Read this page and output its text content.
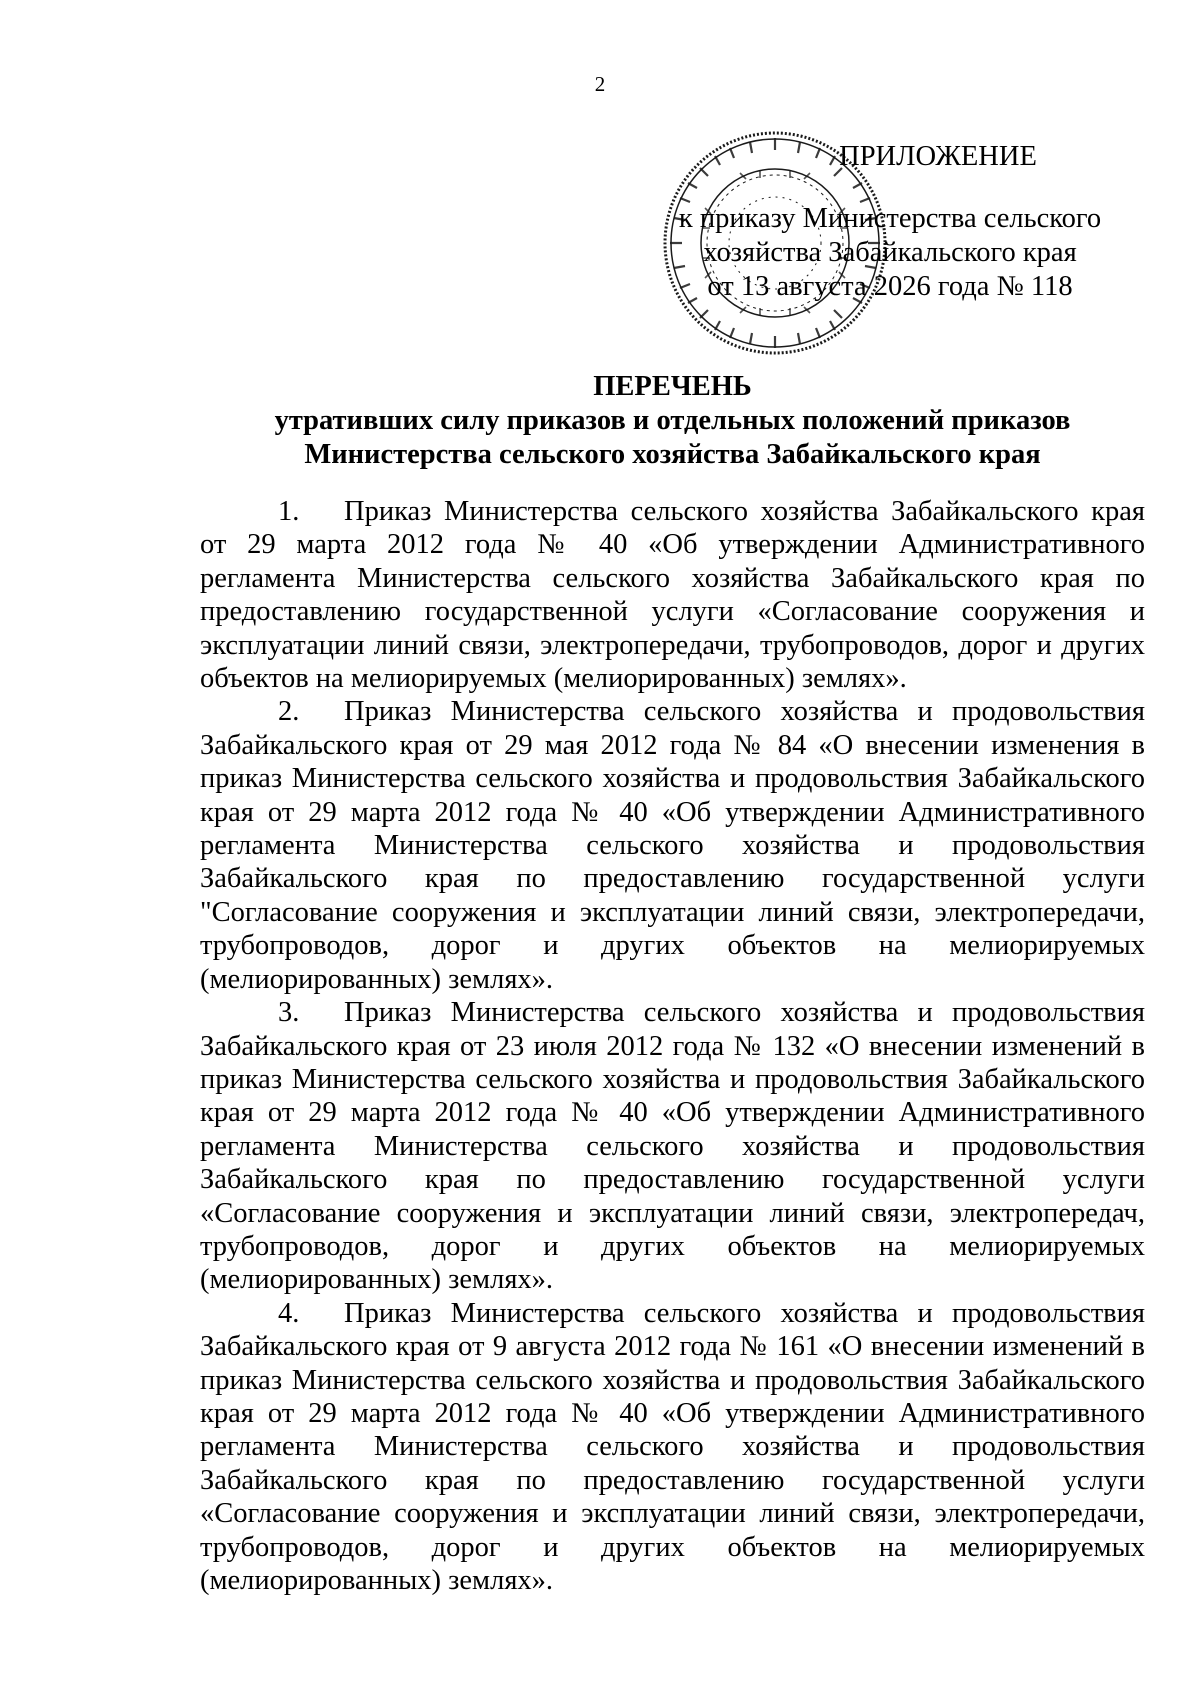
2
ПРИЛОЖЕНИЕ
к приказу Министерства сельского
хозяйства Забайкальского края
от 13 августа 2026 года № 118
ПЕРЕЧЕНЬ
утративших силу приказов и отдельных положений приказов
Министерства сельского хозяйства Забайкальского края

1. Приказ Министерства сельского хозяйства Забайкальского края от 29 марта 2012 года № 40 «Об утверждении Административного регламента Министерства сельского хозяйства Забайкальского края по предоставлению государственной услуги «Согласование сооружения и эксплуатации линий связи, электропередачи, трубопроводов, дорог и других объектов на мелиорируемых (мелиорированных) землях».

2. Приказ Министерства сельского хозяйства и продовольствия Забайкальского края от 29 мая 2012 года № 84 «О внесении изменения в приказ Министерства сельского хозяйства и продовольствия Забайкальского края от 29 марта 2012 года № 40 «Об утверждении Административного регламента Министерства сельского хозяйства и продовольствия Забайкальского края по предоставлению государственной услуги "Согласование сооружения и эксплуатации линий связи, электропередачи, трубопроводов, дорог и других объектов на мелиорируемых (мелиорированных) землях».

3. Приказ Министерства сельского хозяйства и продовольствия Забайкальского края от 23 июля 2012 года № 132 «О внесении изменений в приказ Министерства сельского хозяйства и продовольствия Забайкальского края от 29 марта 2012 года № 40 «Об утверждении Административного регламента Министерства сельского хозяйства и продовольствия Забайкальского края по предоставлению государственной услуги «Согласование сооружения и эксплуатации линий связи, электропередач, трубопроводов, дорог и других объектов на мелиорируемых (мелиорированных) землях».

4. Приказ Министерства сельского хозяйства и продовольствия Забайкальского края от 9 августа 2012 года № 161 «О внесении изменений в приказ Министерства сельского хозяйства и продовольствия Забайкальского края от 29 марта 2012 года № 40 «Об утверждении Административного регламента Министерства сельского хозяйства и продовольствия Забайкальского края по предоставлению государственной услуги «Согласование сооружения и эксплуатации линий связи, электропередачи, трубопроводов, дорог и других объектов на мелиорируемых (мелиорированных) землях».
